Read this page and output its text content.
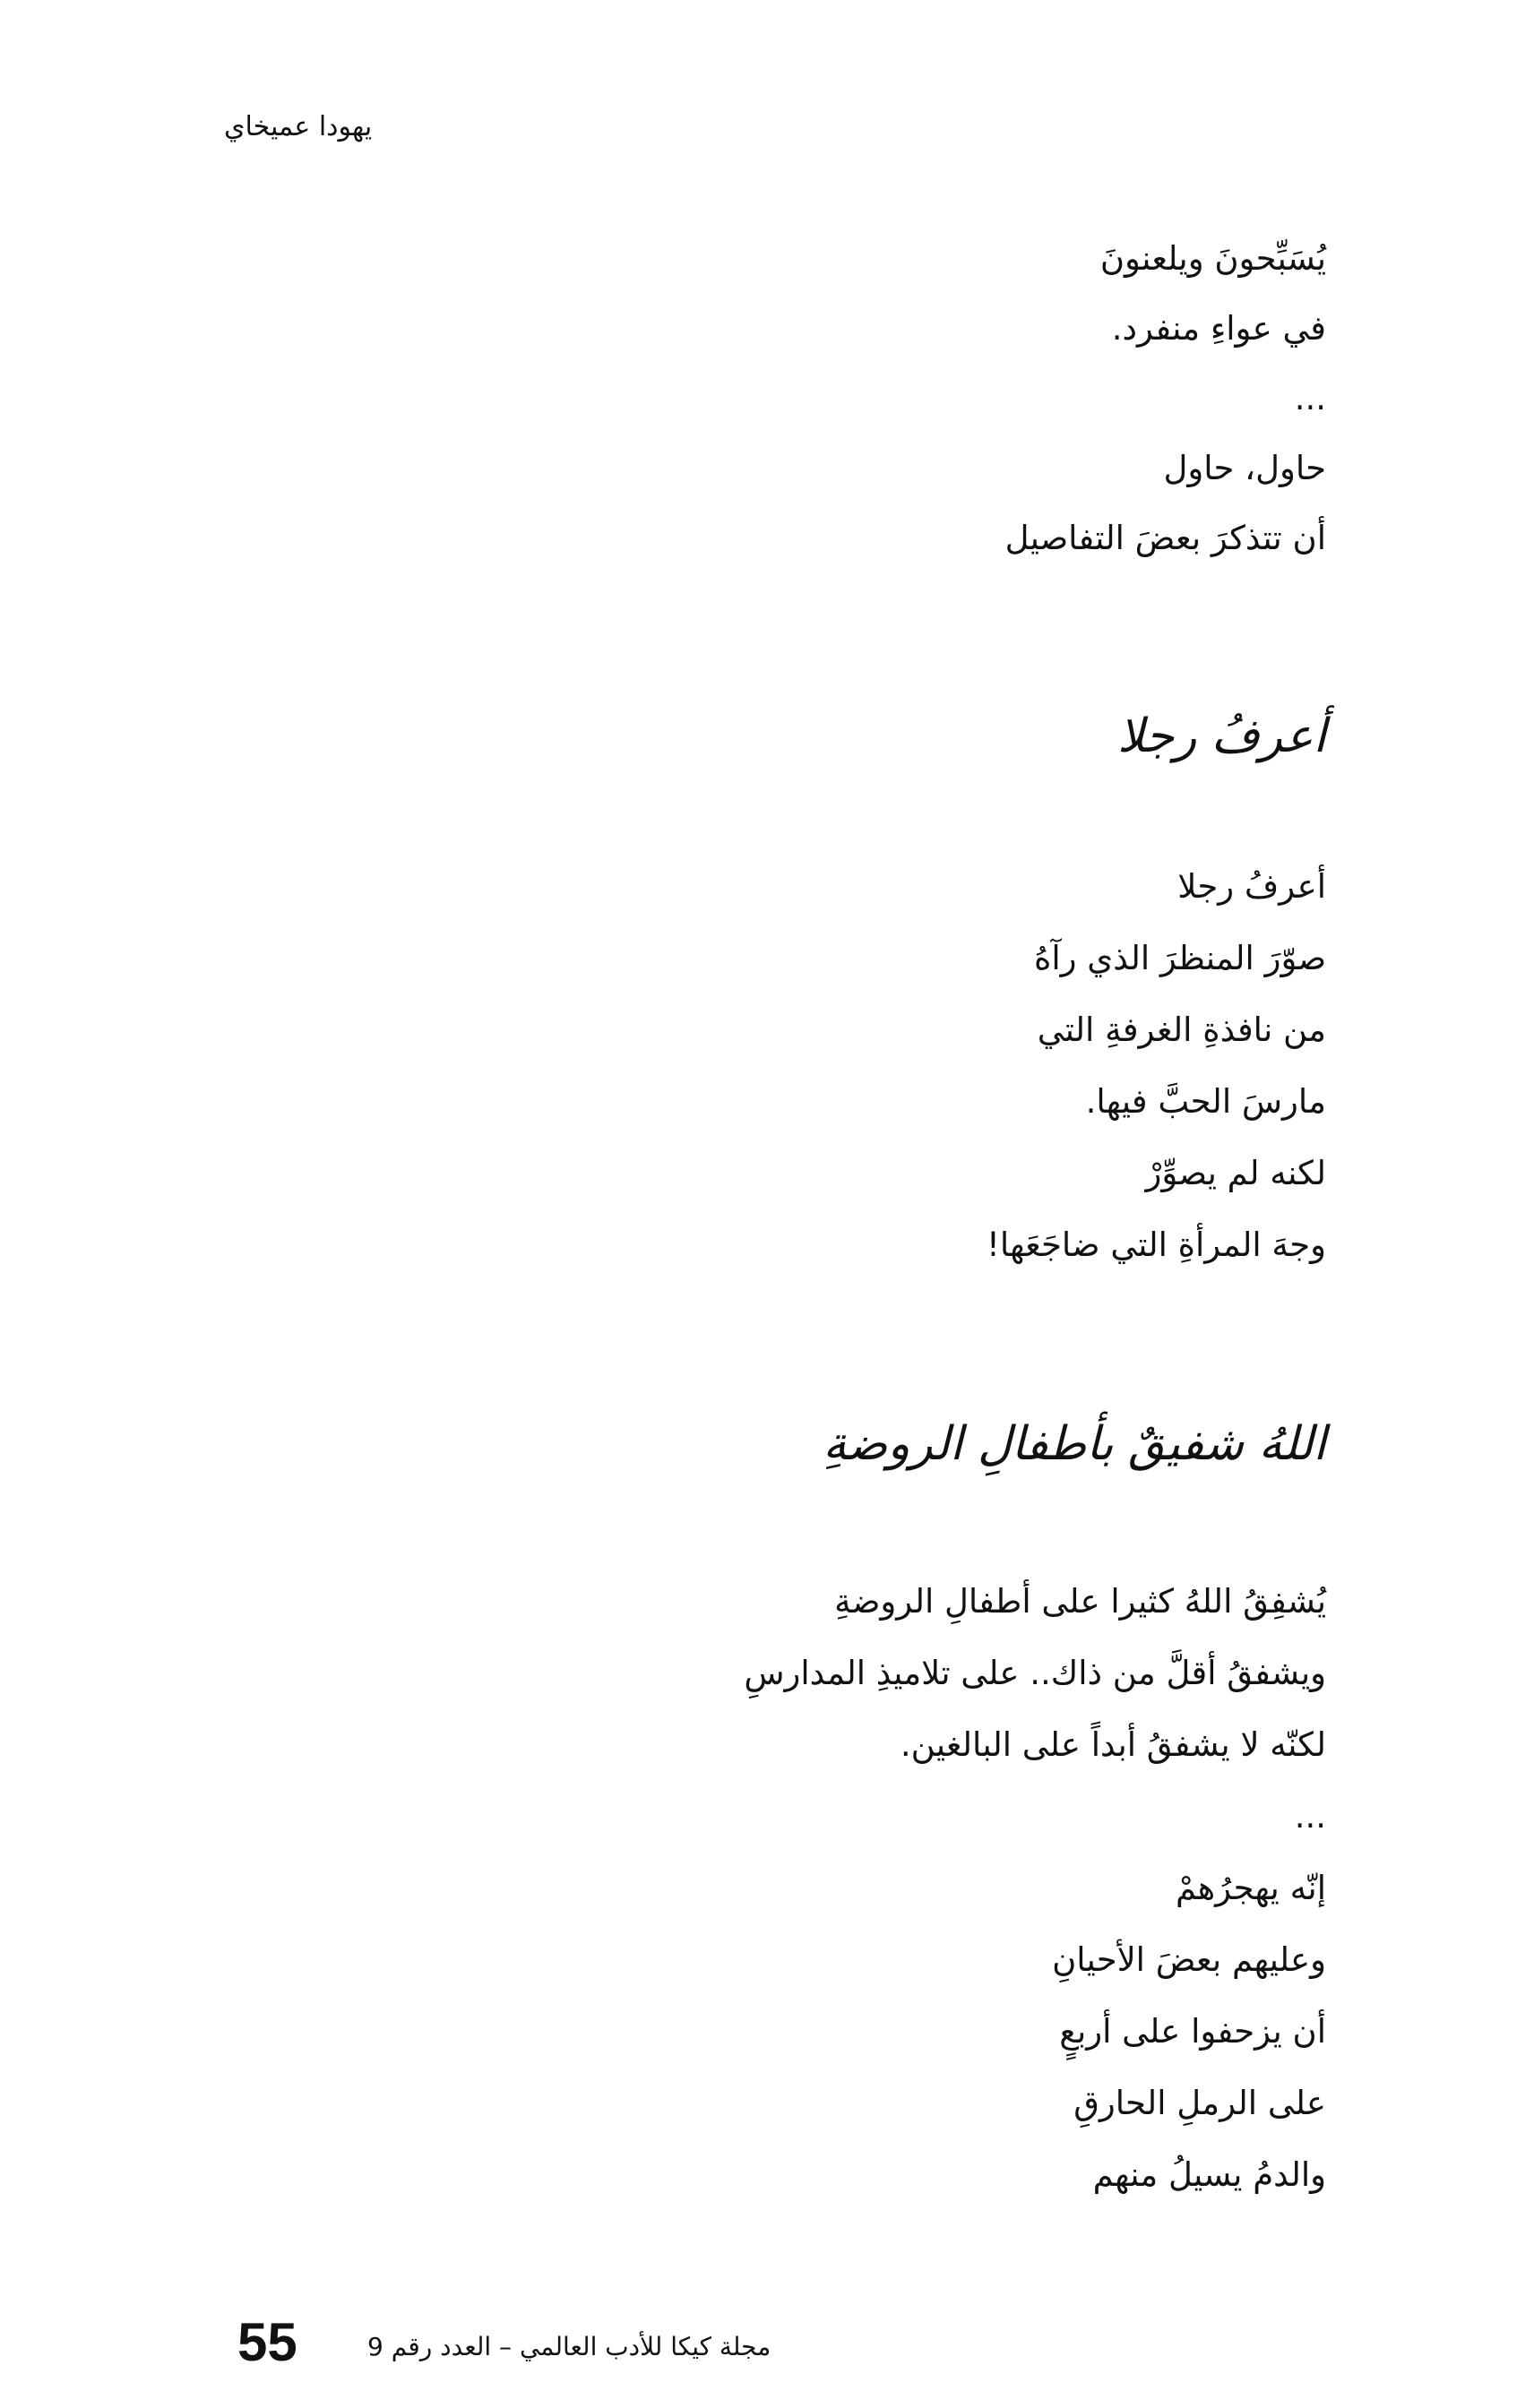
يهودا عميخاي
يُسَبِّحونَ ويلعنونَ
في عواءِ منفرد.
...
حاول، حاول
أن تتذكرَ بعضَ التفاصيل
أعرفُ رجلا
أعرفُ رجلا
صوّرَ المنظرَ الذي رآهُ
من نافذةِ الغرفةِ التي
مارسَ الحبَّ فيها.
لكنه لم يصوِّرْ
وجهَ المرأةِ التي ضاجَعَها!
اللهُ شفيقٌ بأطفالِ الروضةِ
يُشفِقُ اللهُ كثيرا على أطفالِ الروضةِ
ويشفقُ أقلَّ من ذاك.. على تلاميذِ المدارسِ
لكنّه لا يشفقُ أبداً على البالغين.
...
إنّه يهجرُهمْ
وعليهم بعضَ الأحيانِ
أن يزحفوا على أربعٍ
على الرملِ الحارقِ
والدمُ يسيلُ منهم
مجلة كيكا للأدب العالمي – العدد رقم 9
55
